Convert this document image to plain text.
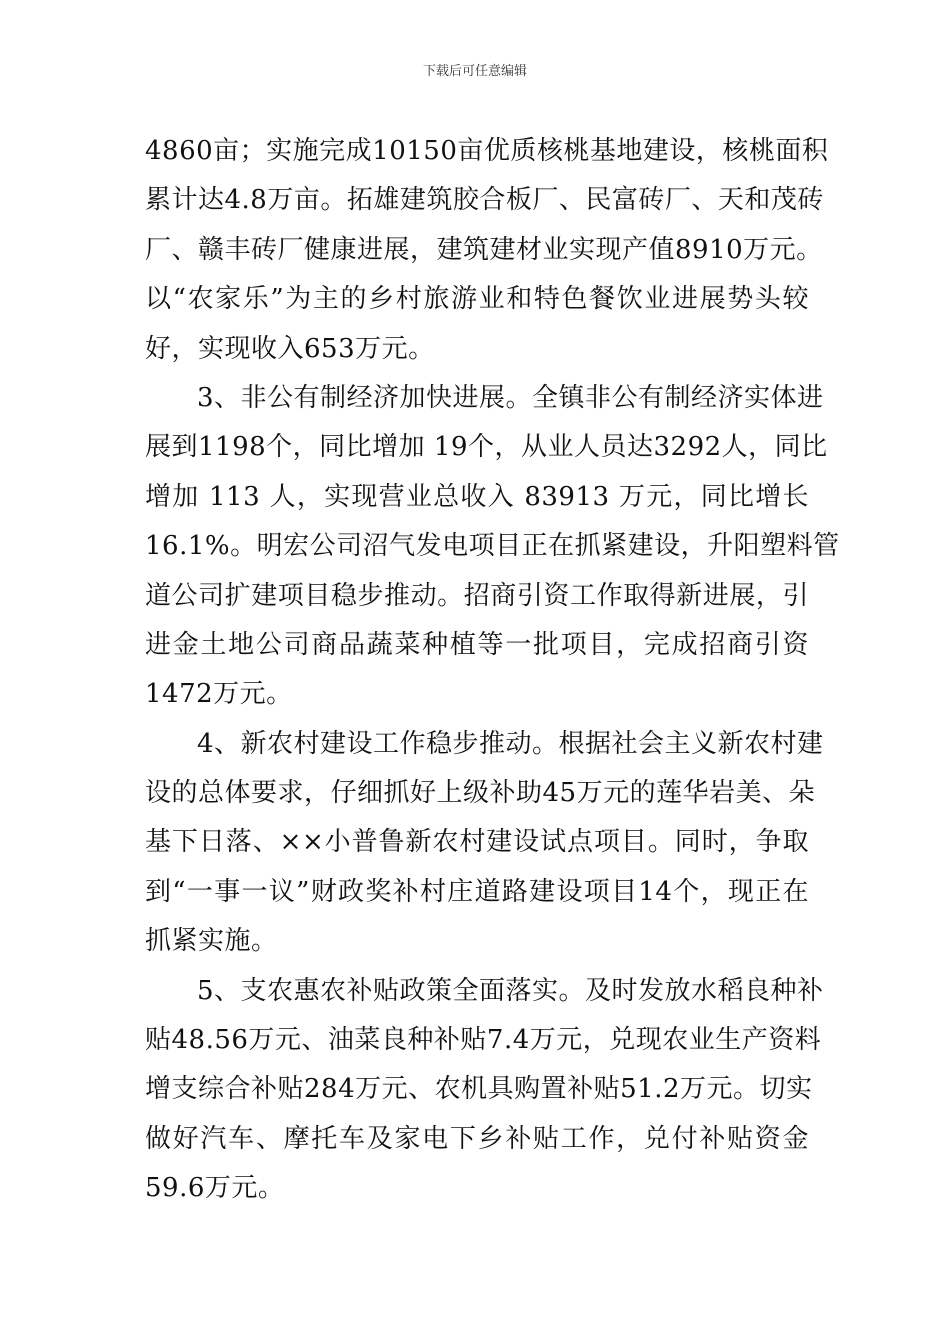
下载后可任意编辑
4860亩；实施完成10150亩优质核桃基地建设，核桃面积
累计达4.8万亩。拓雄建筑胶合板厂、民富砖厂、天和茂砖
厂、赣丰砖厂健康进展，建筑建材业实现产值8910万元。
以“农家乐”为主的乡村旅游业和特色餐饮业进展势头较
好，实现收入653万元。
3、非公有制经济加快进展。全镇非公有制经济实体进
展到1198个，同比增加 19个，从业人员达3292人，同比
增加 113 人，实现营业总收入 83913 万元，同比增长
16.1%。明宏公司沼气发电项目正在抓紧建设，升阳塑料管
道公司扩建项目稳步推动。招商引资工作取得新进展，引
进金土地公司商品蔬菜种植等一批项目，完成招商引资
1472万元。
4、新农村建设工作稳步推动。根据社会主义新农村建
设的总体要求，仔细抓好上级补助45万元的莲华岩美、朵
基下日落、××小普鲁新农村建设试点项目。同时，争取
到“一事一议”财政奖补村庄道路建设项目14个，现正在
抓紧实施。
5、支农惠农补贴政策全面落实。及时发放水稻良种补
贴48.56万元、油菜良种补贴7.4万元，兑现农业生产资料
增支综合补贴284万元、农机具购置补贴51.2万元。切实
做好汽车、摩托车及家电下乡补贴工作，兑付补贴资金
59.6万元。
